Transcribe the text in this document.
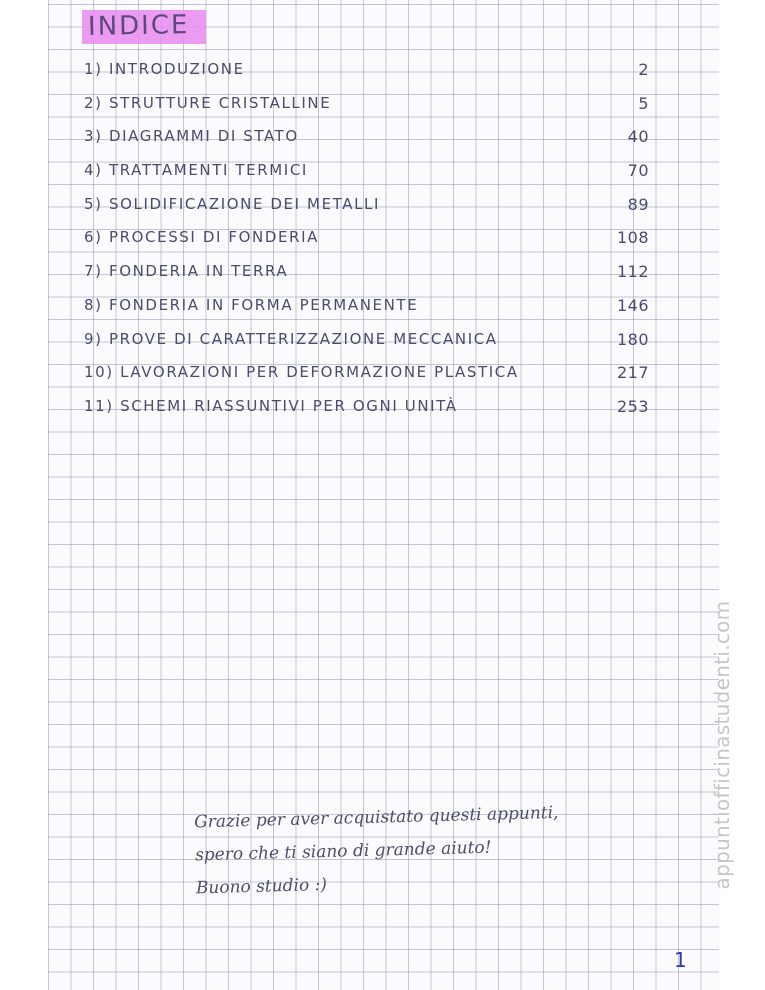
INDICE
1) INTRODUZIONE	2
2) STRUTTURE CRISTALLINE	5
3) DIAGRAMMI DI STATO	40
4) TRATTAMENTI TERMICI	70
5) SOLIDIFICAZIONE DEI METALLI	89
6) PROCESSI DI FONDERIA	108
7) FONDERIA IN TERRA	112
8) FONDERIA IN FORMA PERMANENTE	146
9) PROVE DI CARATTERIZZAZIONE MECCANICA	180
10) LAVORAZIONI PER DEFORMAZIONE PLASTICA	217
11) SCHEMI RIASSUNTIVI PER OGNI UNITÀ	253
Grazie per aver acquistato questi appunti,
spero che ti siano di grande aiuto!
Buono studio :)
1
appuntiofficinastudenti.com
